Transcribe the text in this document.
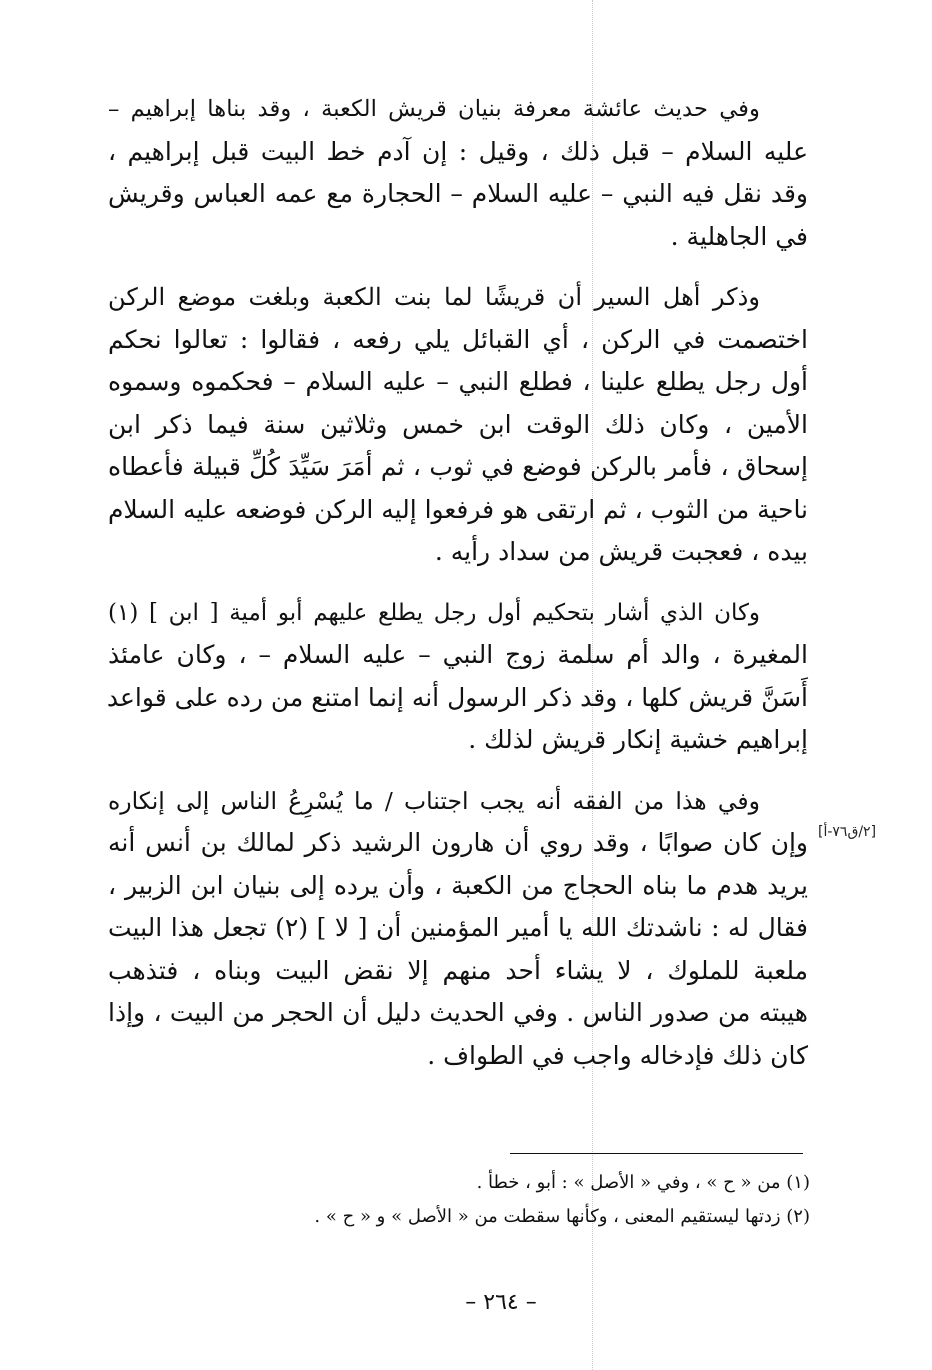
وفي حديث عائشة معرفة بنيان قريش الكعبة ، وقد بناها إبراهيم –
عليه السلام – قبل ذلك ، وقيل : إن آدم خط البيت قبل إبراهيم ،
وقد نقل فيه النبي – عليه السلام – الحجارة مع عمه العباس وقريش
في الجاهلية .

وذكر أهل السير أن قريشًا لما بنت الكعبة وبلغت موضع الركن
اختصمت في الركن ، أي القبائل يلي رفعه ، فقالوا : تعالوا نحكم
أول رجل يطلع علينا ، فطلع النبي – عليه السلام – فحكموه وسموه
الأمين ، وكان ذلك الوقت ابن خمس وثلاثين سنة فيما ذكر ابن
إسحاق ، فأمر بالركن فوضع في ثوب ، ثم أمَرَ سَيِّدَ كُلِّ قبيلة فأعطاه
ناحية من الثوب ، ثم ارتقى هو فرفعوا إليه الركن فوضعه عليه السلام
بيده ، فعجبت قريش من سداد رأيه .

وكان الذي أشار بتحكيم أول رجل يطلع عليهم أبو أمية [ ابن ] (١)
المغيرة ، والد أم سلمة زوج النبي – عليه السلام – ، وكان عامئذ
أَسَنَّ قريش كلها ، وقد ذكر الرسول أنه إنما امتنع من رده على قواعد
إبراهيم خشية إنكار قريش لذلك .

وفي هذا من الفقه أنه يجب اجتناب / ما يُسْرِعُ الناس إلى إنكاره
وإن كان صوابًا ، وقد روي أن هارون الرشيد ذكر لمالك بن أنس أنه
يريد هدم ما بناه الحجاج من الكعبة ، وأن يرده إلى بنيان ابن الزبير ،
فقال له : ناشدتك الله يا أمير المؤمنين أن [ لا ] (٢) تجعل هذا البيت
ملعبة للملوك ، لا يشاء أحد منهم إلا نقض البيت وبناه ، فتذهب
هيبته من صدور الناس . وفي الحديث دليل أن الحجر من البيت ، وإذا
كان ذلك فإدخاله واجب في الطواف .

[٢/ق٧٦-أ]
(١) من « ح » ، وفي « الأصل » : أبو ، خطأ .
(٢) زدتها ليستقيم المعنى ، وكأنها سقطت من « الأصل » و « ح » .
– ٢٦٤ –
